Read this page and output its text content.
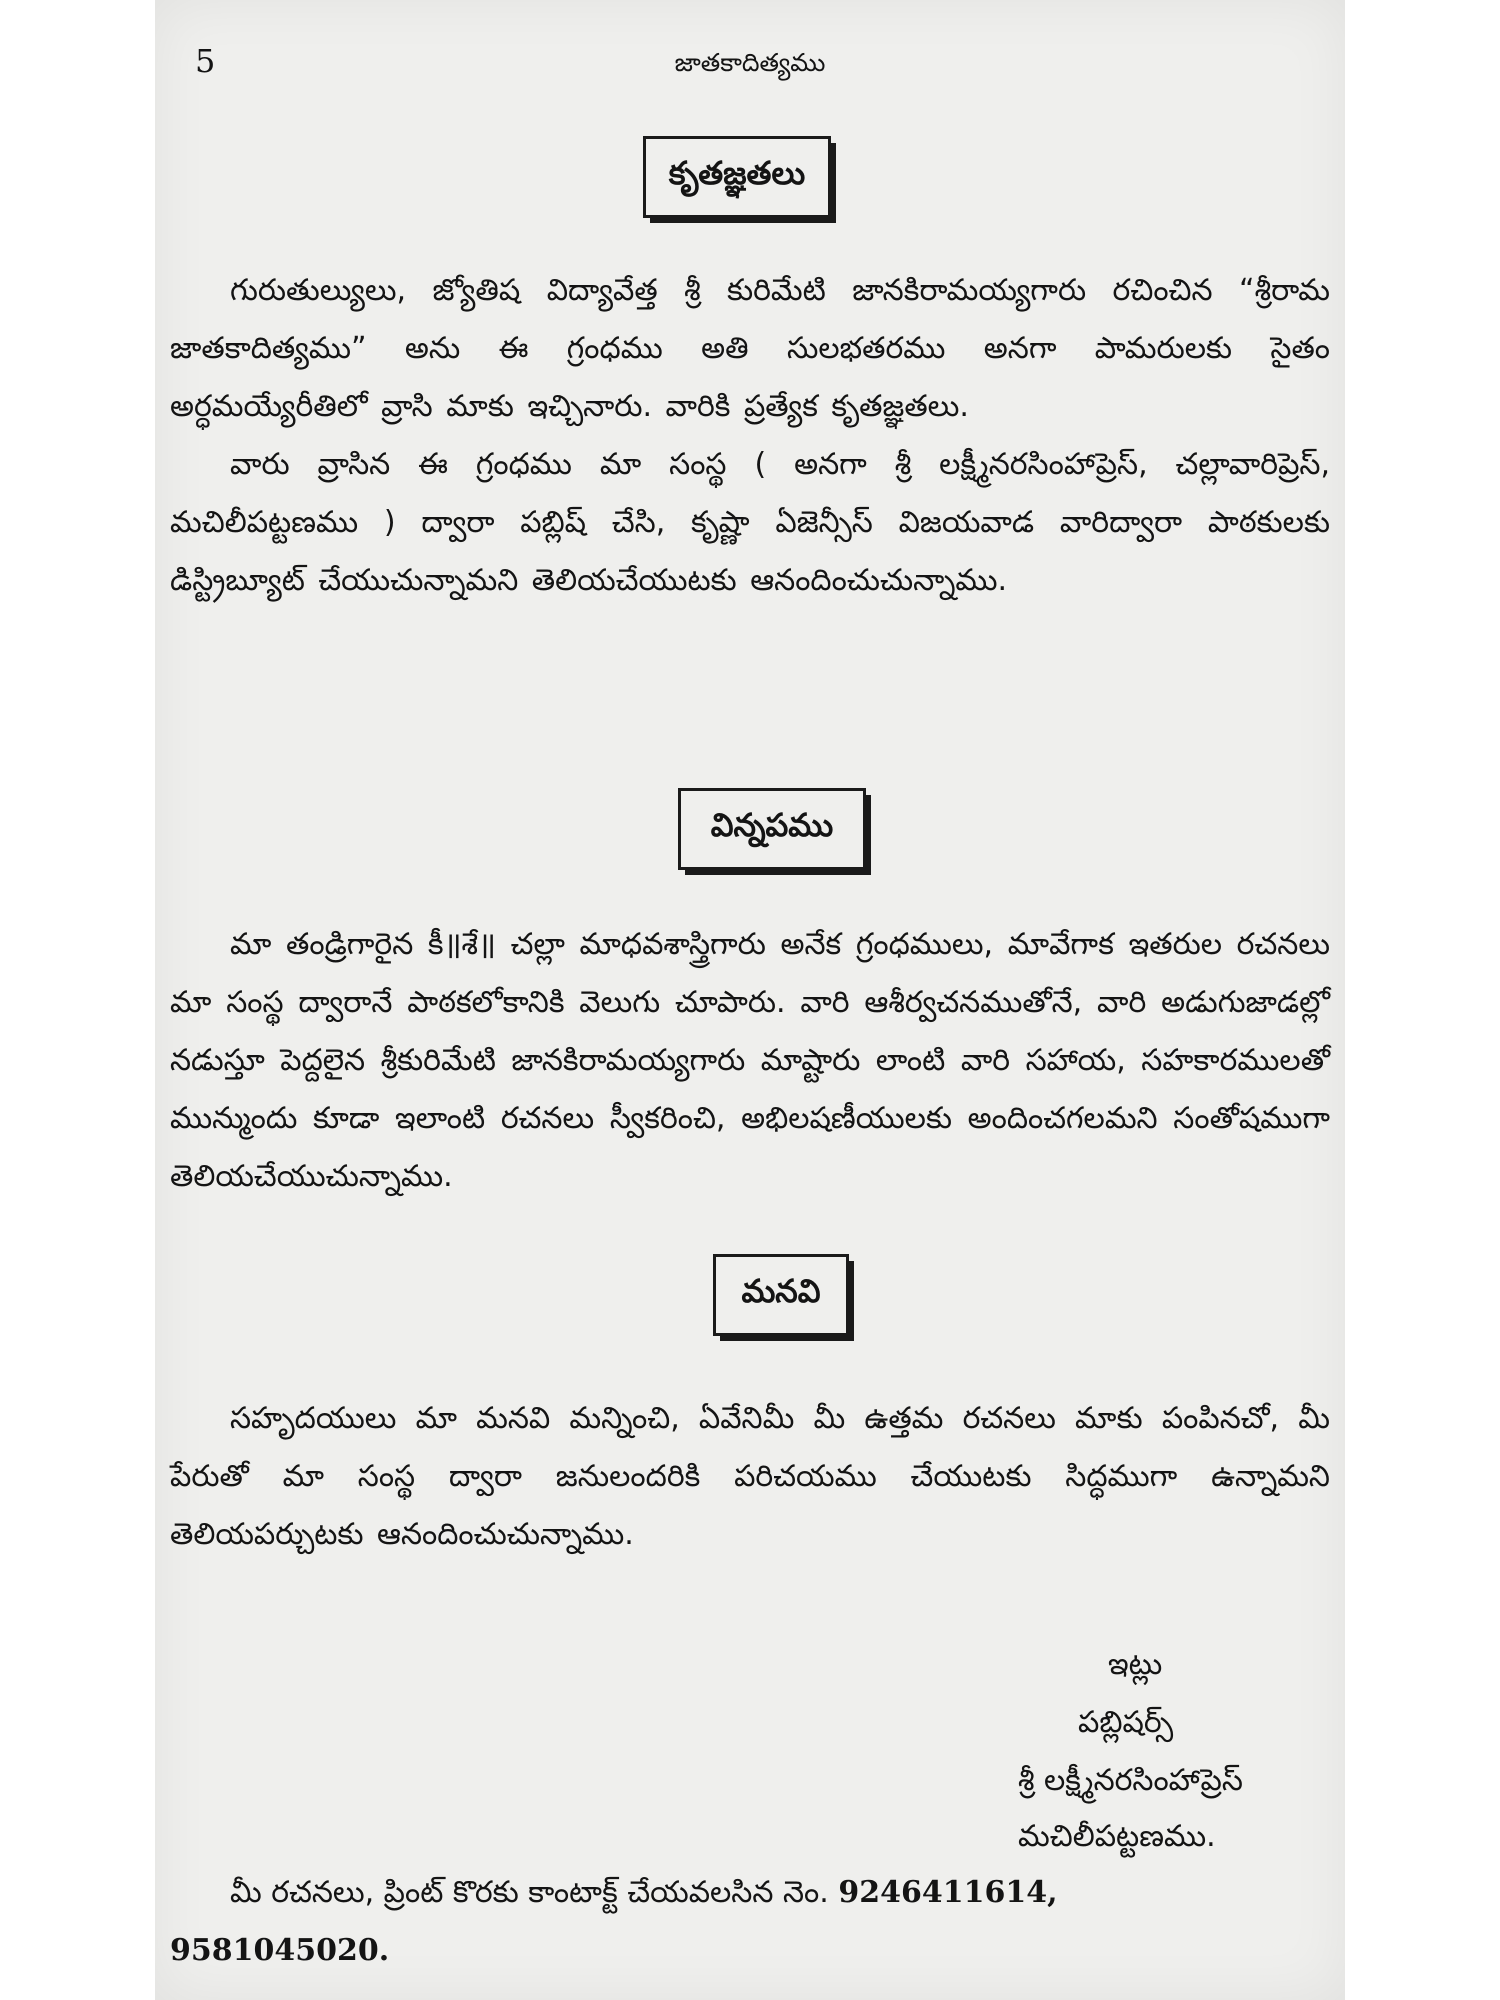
5	జాతకాదిత్యము
కృతజ్ఞతలు
గురుతుల్యులు, జ్యోతిష విద్యావేత్త శ్రీ కురిమేటి జానకిరామయ్యగారు రచించిన “శ్రీరామ జాతకాదిత్యము” అను ఈ గ్రంధము అతి సులభతరము అనగా పామరులకు సైతం అర్ధమయ్యేరీతిలో వ్రాసి మాకు ఇచ్చినారు. వారికి ప్రత్యేక కృతజ్ఞతలు.
వారు వ్రాసిన ఈ గ్రంధము మా సంస్థ ( అనగా శ్రీ లక్ష్మీనరసింహాప్రెస్, చల్లావారిప్రెస్, మచిలీపట్టణము ) ద్వారా పబ్లిష్ చేసి, కృష్ణా ఏజెన్సీస్ విజయవాడ వారిద్వారా పాఠకులకు డిస్ట్రిబ్యూట్ చేయుచున్నామని తెలియచేయుటకు ఆనందించుచున్నాము.
విన్నపము
మా తండ్రిగారైన కీ॥శే॥ చల్లా మాధవశాస్త్రిగారు అనేక గ్రంధములు, మావేగాక ఇతరుల రచనలు మా సంస్థ ద్వారానే పాఠకలోకానికి వెలుగు చూపారు. వారి ఆశీర్వచనముతోనే, వారి అడుగుజాడల్లో నడుస్తూ పెద్దలైన శ్రీకురిమేటి జానకిరామయ్యగారు మాష్టారు లాంటి వారి సహాయ, సహకారములతో మున్ముందు కూడా ఇలాంటి రచనలు స్వీకరించి, అభిలషణీయులకు అందించగలమని సంతోషముగా తెలియచేయుచున్నాము.
మనవి
సహృదయులు మా మనవి మన్నించి, ఏవేనిమీ మీ ఉత్తమ రచనలు మాకు పంపినచో, మీ పేరుతో మా సంస్థ ద్వారా జనులందరికి పరిచయము చేయుటకు సిద్ధముగా ఉన్నామని తెలియపర్చుటకు ఆనందించుచున్నాము.
ఇట్లు
పబ్లిషర్స్
శ్రీ లక్ష్మీనరసింహాప్రెస్
మచిలీపట్టణము.
మీ రచనలు, ప్రింట్ కొరకు కాంటాక్ట్ చేయవలసిన నెం. 9246411614,
9581045020.
